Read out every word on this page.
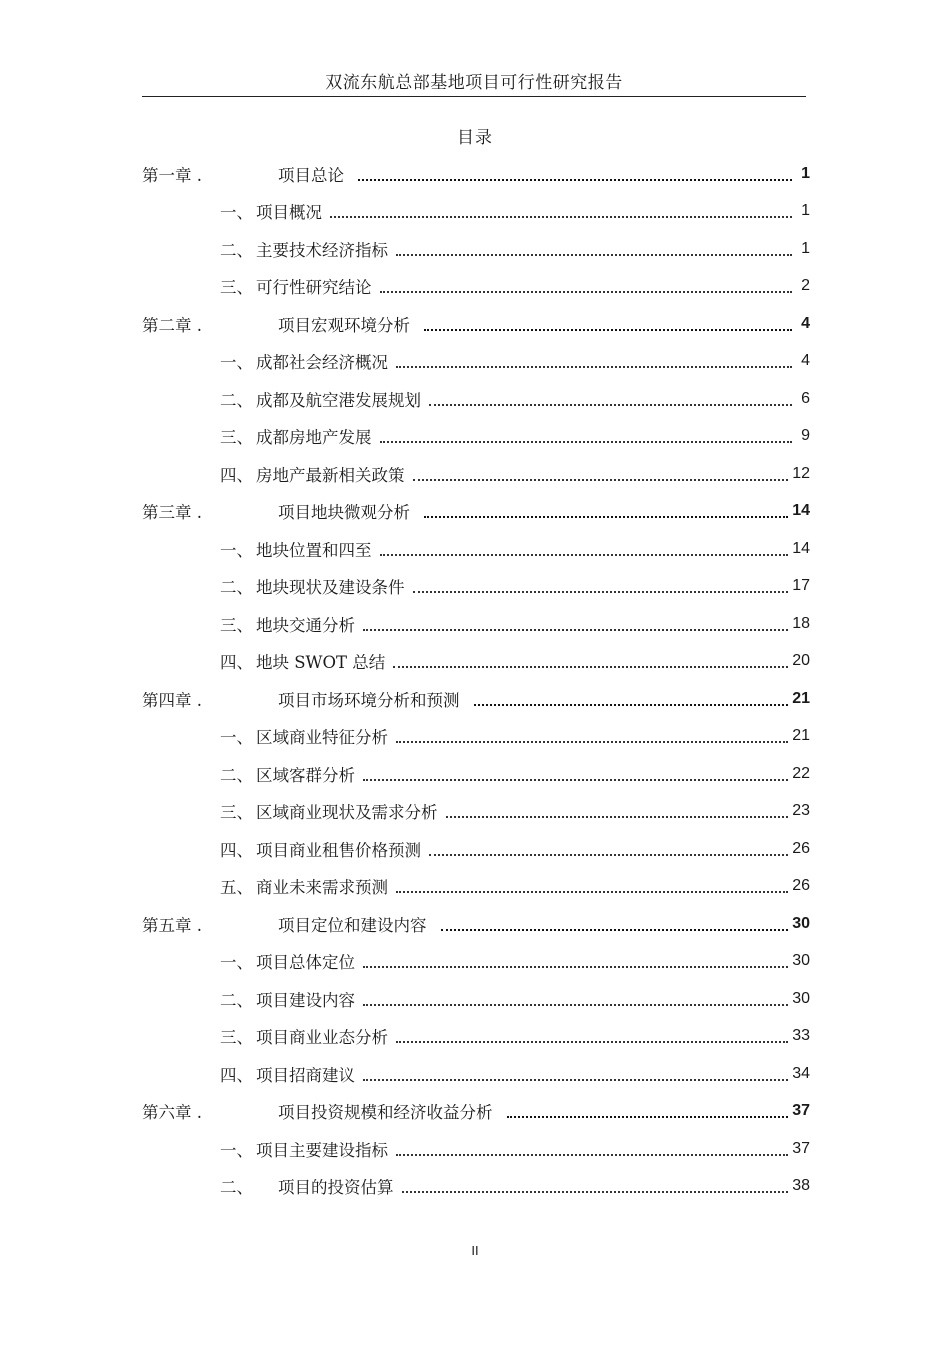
双流东航总部基地项目可行性研究报告
目录
第一章 .	项目总论	1
一、 项目概况	1
二、 主要技术经济指标	1
三、 可行性研究结论	2
第二章 .	项目宏观环境分析	4
一、 成都社会经济概况	4
二、 成都及航空港发展规划	6
三、 成都房地产发展	9
四、 房地产最新相关政策	12
第三章 .	项目地块微观分析	14
一、 地块位置和四至	14
二、 地块现状及建设条件	17
三、 地块交通分析	18
四、 地块 SWOT 总结	20
第四章 .	项目市场环境分析和预测	21
一、 区域商业特征分析	21
二、 区域客群分析	22
三、 区域商业现状及需求分析	23
四、 项目商业租售价格预测	26
五、 商业未来需求预测	26
第五章 .	项目定位和建设内容	30
一、 项目总体定位	30
二、 项目建设内容	30
三、 项目商业业态分析	33
四、 项目招商建议	34
第六章 .	项目投资规模和经济收益分析	37
一、 项目主要建设指标	37
二、	项目的投资估算	38
II
